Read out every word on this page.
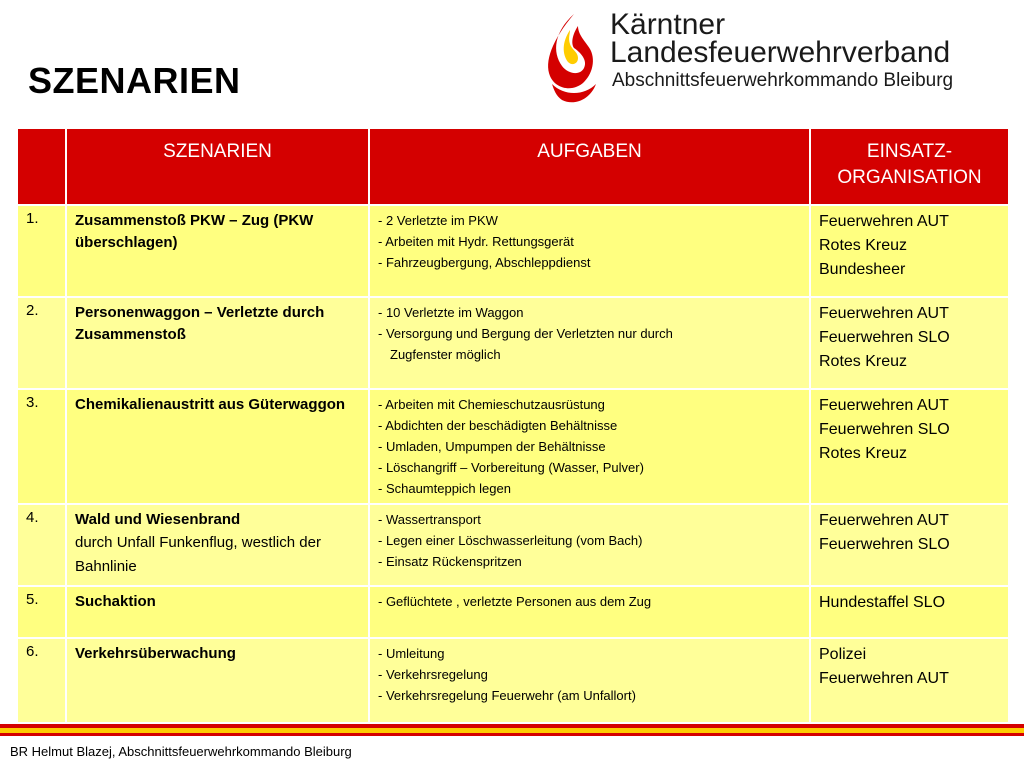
SZENARIEN
Kärntner
Landesfeuerwehrverband
Abschnittsfeuerwehrkommando Bleiburg
	SZENARIEN	AUFGABEN	EINSATZ-
ORGANISATION
1.	Zusammenstoß PKW – Zug (PKW überschlagen)	- 2 Verletzte im PKW
- Arbeiten mit Hydr. Rettungsgerät
- Fahrzeugbergung, Abschleppdienst	Feuerwehren AUT
Rotes Kreuz
Bundesheer

2.	Personenwaggon – Verletzte durch Zusammenstoß	- 10 Verletzte im Waggon
- Versorgung und Bergung der Verletzten nur durch
Zugfenster möglich	Feuerwehren AUT
Feuerwehren SLO
Rotes Kreuz

3.	Chemikalienaustritt aus Güterwaggon	- Arbeiten mit Chemieschutzausrüstung
- Abdichten der beschädigten Behältnisse
- Umladen, Umpumpen der Behältnisse
- Löschangriff – Vorbereitung (Wasser, Pulver)
- Schaumteppich legen	Feuerwehren AUT
Feuerwehren SLO
Rotes Kreuz

4.	Wald und Wiesenbrand
durch Unfall Funkenflug, westlich der Bahnlinie	- Wassertransport
- Legen einer Löschwasserleitung (vom Bach)
- Einsatz Rückenspritzen	Feuerwehren AUT
Feuerwehren SLO

5.	Suchaktion	- Geflüchtete , verletzte Personen aus dem Zug	Hundestaffel SLO

6.	Verkehrsüberwachung	- Umleitung
- Verkehrsregelung
- Verkehrsregelung Feuerwehr (am Unfallort)	Polizei
Feuerwehren AUT
BR Helmut Blazej, Abschnittsfeuerwehrkommando Bleiburg
